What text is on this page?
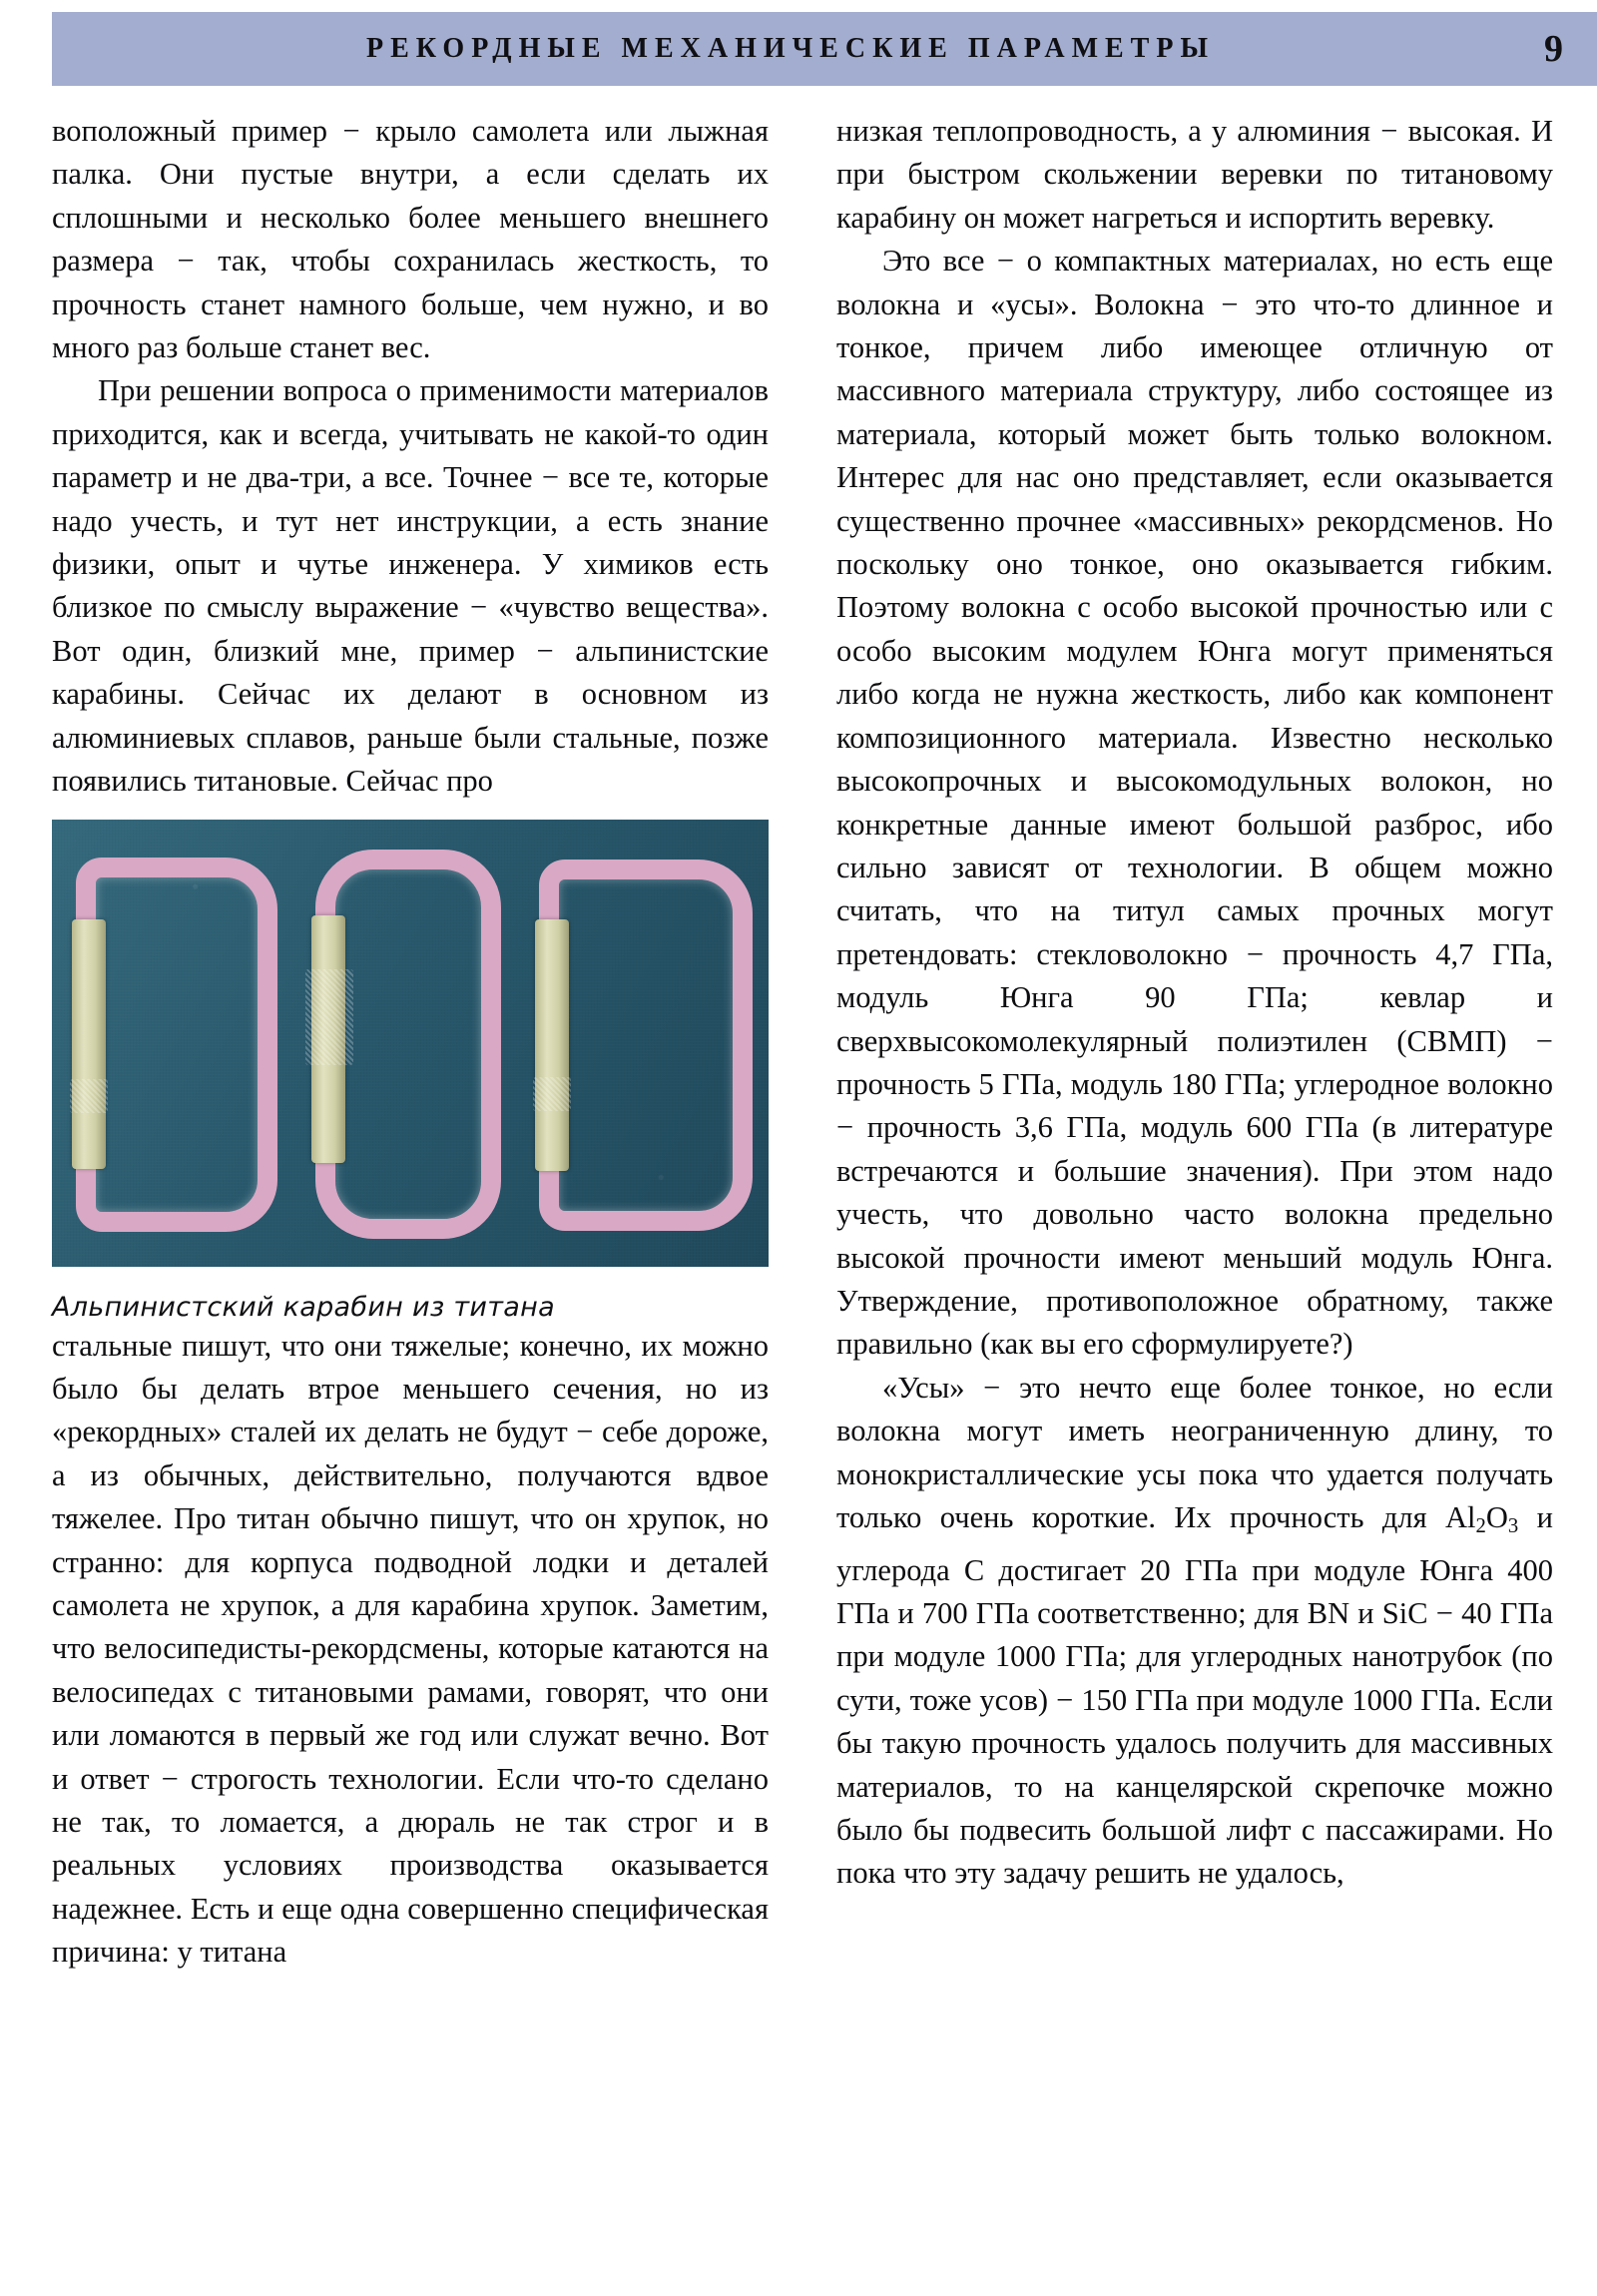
РЕКОРДНЫЕ МЕХАНИЧЕСКИЕ ПАРАМЕТРЫ	9

воположный пример − крыло самолета или лыжная палка. Они пустые внутри, а если сделать их сплошными и несколько более меньшего внешнего размера − так, чтобы сохранилась жесткость, то прочность станет намного больше, чем нужно, и во много раз больше станет вес.

При решении вопроса о применимости материалов приходится, как и всегда, учитывать не какой-то один параметр и не два-три, а все. Точнее − все те, которые надо учесть, и тут нет инструкции, а есть знание физики, опыт и чутье инженера. У химиков есть близкое по смыслу выражение − «чувство вещества». Вот один, близкий мне, пример − альпинистские карабины. Сейчас их делают в основном из алюминиевых сплавов, раньше были стальные, позже появились титановые. Сейчас про

Альпинистский карабин из титана

стальные пишут, что они тяжелые; конечно, их можно было бы делать втрое меньшего сечения, но из «рекордных» сталей их делать не будут − себе дороже, а из обычных, действительно, получаются вдвое тяжелее. Про титан обычно пишут, что он хрупок, но странно: для корпуса подводной лодки и деталей самолета не хрупок, а для карабина хрупок. Заметим, что велосипедисты-рекордсмены, которые катаются на велосипедах с титановыми рамами, говорят, что они или ломаются в первый же год или служат вечно. Вот и ответ − строгость технологии. Если что-то сделано не так, то ломается, а дюраль не так строг и в реальных условиях производства оказывается надежнее. Есть и еще одна совершенно специфическая причина: у титана

низкая теплопроводность, а у алюминия − высокая. И при быстром скольжении веревки по титановому карабину он может нагреться и испортить веревку.

Это все − о компактных материалах, но есть еще волокна и «усы». Волокна − это что-то длинное и тонкое, причем либо имеющее отличную от массивного материала структуру, либо состоящее из материала, который может быть только волокном. Интерес для нас оно представляет, если оказывается существенно прочнее «массивных» рекордсменов. Но поскольку оно тонкое, оно оказывается гибким. Поэтому волокна с особо высокой прочностью или с особо высоким модулем Юнга могут применяться либо когда не нужна жесткость, либо как компонент композиционного материала. Известно несколько высокопрочных и высокомодульных волокон, но конкретные данные имеют большой разброс, ибо сильно зависят от технологии. В общем можно считать, что на титул самых прочных могут претендовать: стекловолокно − прочность 4,7 ГПа, модуль Юнга 90 ГПа; кевлар и сверхвысокомолекулярный полиэтилен (СВМП) − прочность 5 ГПа, модуль 180 ГПа; углеродное волокно − прочность 3,6 ГПа, модуль 600 ГПа (в литературе встречаются и большие значения). При этом надо учесть, что довольно часто волокна предельно высокой прочности имеют меньший модуль Юнга. Утверждение, противоположное обратному, также правильно (как вы его сформулируете?)

«Усы» − это нечто еще более тонкое, но если волокна могут иметь неограниченную длину, то монокристаллические усы пока что удается получать только очень короткие. Их прочность для $Al_2O_3$ и углерода С достигает 20 ГПа при модуле Юнга 400 ГПа и 700 ГПа соответственно; для BN и SiC − 40 ГПа при модуле 1000 ГПа; для углеродных нанотрубок (по сути, тоже усов) − 150 ГПа при модуле 1000 ГПа. Если бы такую прочность удалось получить для массивных материалов, то на канцелярской скрепочке можно было бы подвесить большой лифт с пассажирами. Но пока что эту задачу решить не удалось,
